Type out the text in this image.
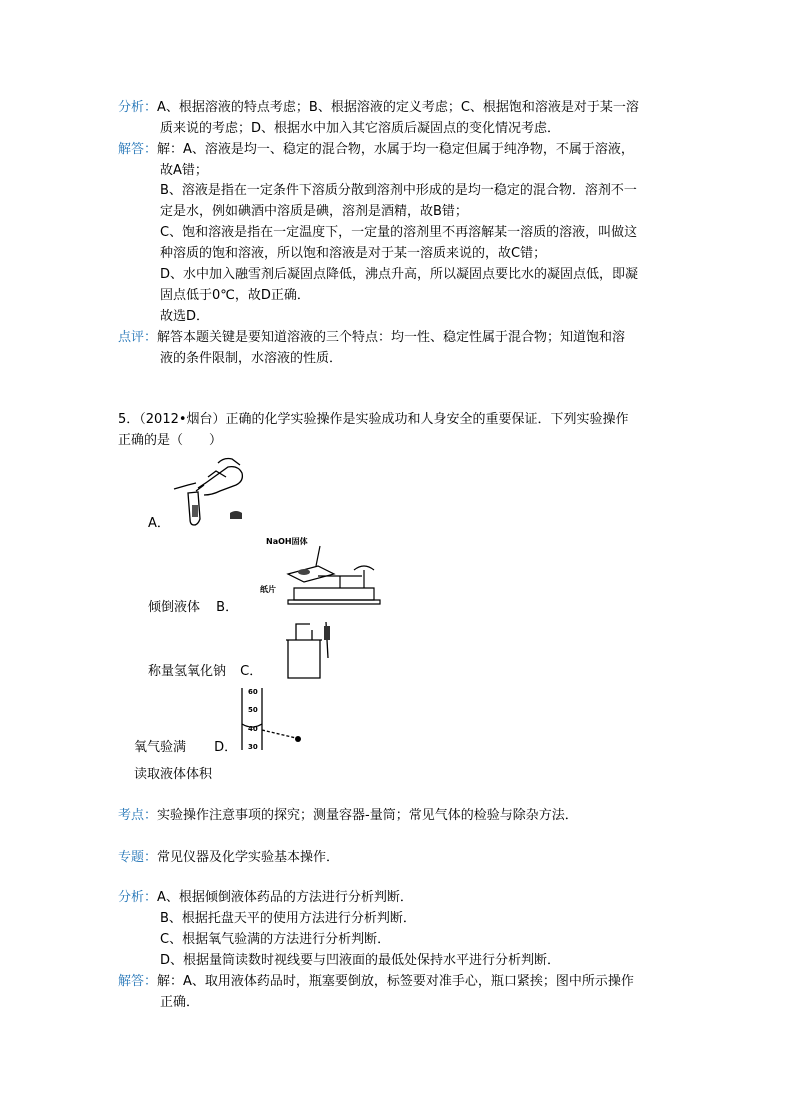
分析：A、根据溶液的特点考虑；B、根据溶液的定义考虑；C、根据饱和溶液是对于某一溶
质来说的考虑；D、根据水中加入其它溶质后凝固点的变化情况考虑．
解答：解：A、溶液是均一、稳定的混合物，水属于均一稳定但属于纯净物，不属于溶液，
故A错；
B、溶液是指在一定条件下溶质分散到溶剂中形成的是均一稳定的混合物．溶剂不一
定是水，例如碘酒中溶质是碘，溶剂是酒精，故B错；
C、饱和溶液是指在一定温度下，一定量的溶剂里不再溶解某一溶质的溶液，叫做这
种溶质的饱和溶液，所以饱和溶液是对于某一溶质来说的，故C错；
D、水中加入融雪剂后凝固点降低，沸点升高，所以凝固点要比水的凝固点低，即凝
固点低于0℃，故D正确．
故选D．
点评：解答本题关键是要知道溶液的三个特点：均一性、稳定性属于混合物；知道饱和溶
液的条件限制，水溶液的性质．
5．（2012•烟台）正确的化学实验操作是实验成功和人身安全的重要保证．下列实验操作
正确的是（　　）
A．
NaOH固体
纸片
倾倒液体 B．
称量氢氧化钠 C．
60
50
40
30
氧气验满 D．
读取液体体积
考点：实验操作注意事项的探究；测量容器-量筒；常见气体的检验与除杂方法．
专题：常见仪器及化学实验基本操作．
分析：A、根据倾倒液体药品的方法进行分析判断．
B、根据托盘天平的使用方法进行分析判断．
C、根据氧气验满的方法进行分析判断．
D、根据量筒读数时视线要与凹液面的最低处保持水平进行分析判断．
解答：解：A、取用液体药品时，瓶塞要倒放，标签要对准手心，瓶口紧挨；图中所示操作
正确．
